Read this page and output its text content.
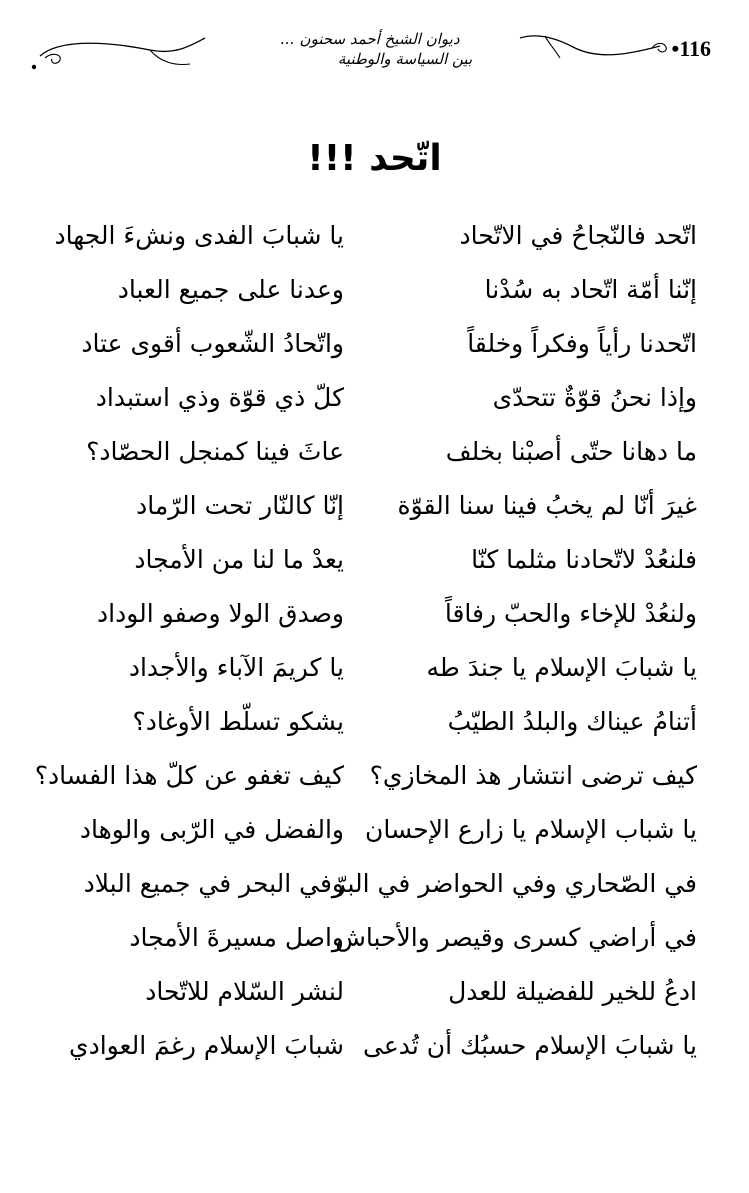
ديوان الشيخ أحمد سحنون ...
بين السياسة والوطنية	•116
اتّحد !!!
اتّحد فالنّجاحُ في الاتّحاد
يا شبابَ الفدى ونشءَ الجهاد
إنّنا أمّة اتّحاد به سُدْنا
وعدنا على جميع العباد
اتّحدنا رأياً وفكراً وخلقاً
واتّحادُ الشّعوب أقوى عتاد
وإذا نحنُ قوّةٌ تتحدّى
كلّ ذي قوّة وذي استبداد
ما دهانا حتّى أصبْنا بخلف
عاثَ فينا كمنجل الحصّاد؟
غيرَ أنّا لم يخبُ فينا سنا القوّة
إنّا كالنّار تحت الرّماد
فلنعُدْ لاتّحادنا مثلما كنّا
يعدْ ما لنا من الأمجاد
ولنعُدْ للإخاء والحبّ رفاقاً
وصدق الولا وصفو الوداد
يا شبابَ الإسلام يا جندَ طه
يا كريمَ الآباء والأجداد
أتنامُ عيناك والبلدُ الطيّبُ
يشكو تسلّط الأوغاد؟
كيف ترضى انتشار هذ المخازي؟
كيف تغفو عن كلّ هذا الفساد؟
يا شباب الإسلام يا زارع الإحسان
والفضل في الرّبى والوهاد
في الصّحاري وفي الحواضر في البرّ
وفي البحر في جميع البلاد
في أراضي كسرى وقيصر والأحباش
واصل مسيرةَ الأمجاد
ادعُ للخير للفضيلة للعدل
لنشر السّلام للاتّحاد
يا شبابَ الإسلام حسبُك أن تُدعى
شبابَ الإسلام رغمَ العوادي
